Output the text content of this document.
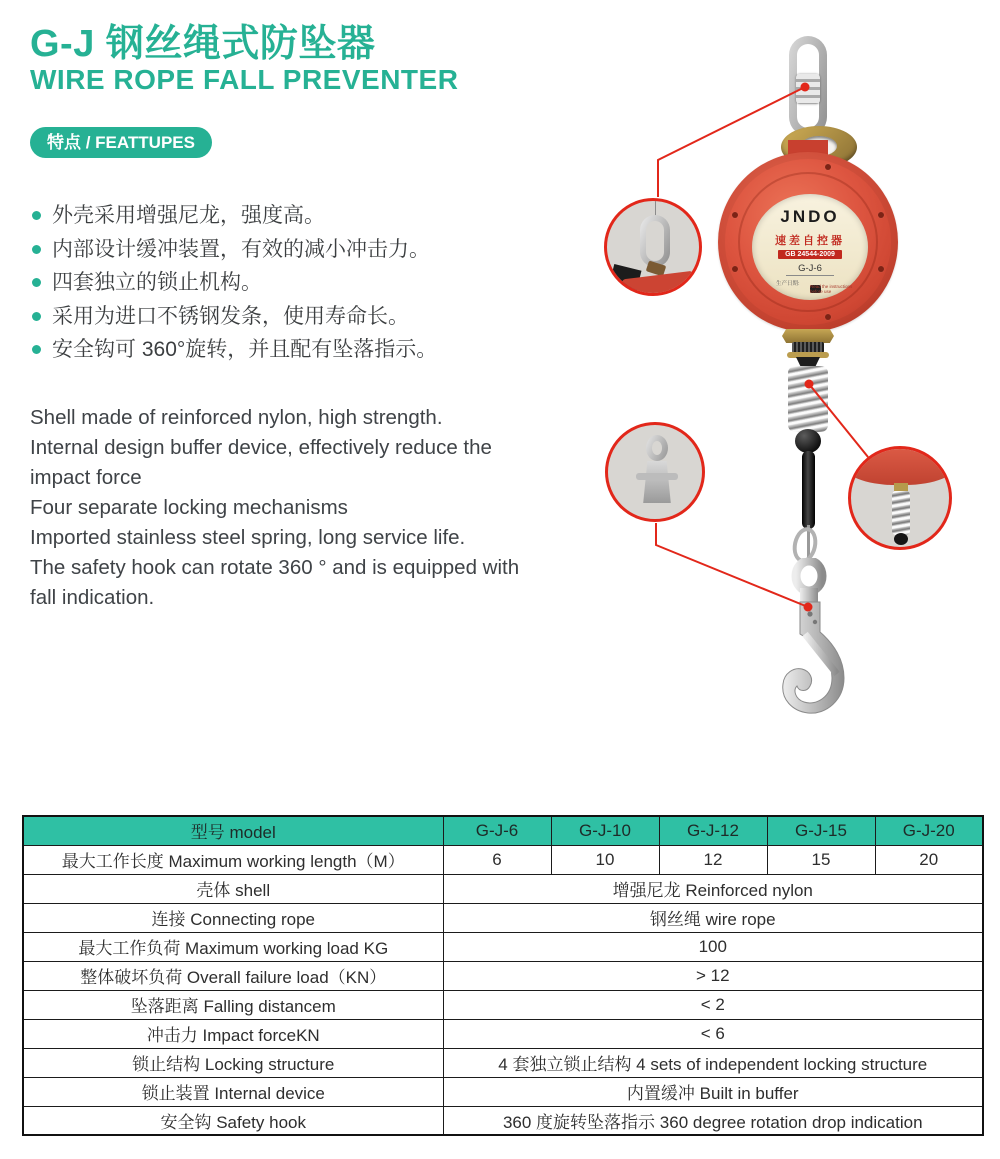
G-J 钢丝绳式防坠器
WIRE ROPE FALL PREVENTER
特点 / FEATTUPES
外壳采用增强尼龙，强度高。
内部设计缓冲装置，有效的减小冲击力。
四套独立的锁止机构。
采用为进口不锈钢发条，使用寿命长。
安全钩可 360°旋转，并且配有坠落指示。

Shell made of reinforced nylon, high strength.

Internal design buffer device, effectively reduce the impact force

Four separate locking mechanisms

Imported stainless steel spring, long service life.

The safety hook can rotate 360 ° and is equipped with fall indication.

JNDO
速差自控器
GB 24544-2009
G-J-6
生产日期: Read the instructions before use
型号 model	G-J-6	G-J-10	G-J-12	G-J-15	G-J-20
最大工作长度 Maximum working length（M）	6	10	12	15	20
壳体 shell	增强尼龙 Reinforced nylon				
连接 Connecting rope	钢丝绳 wire rope				
最大工作负荷 Maximum working load KG	100				
整体破坏负荷 Overall failure load（KN）	> 12				
坠落距离 Falling distancem	< 2				
冲击力 Impact forceKN	< 6				
锁止结构 Locking structure	4 套独立锁止结构 4 sets of independent locking structure				
锁止装置 Internal device	内置缓冲 Built in buffer				
安全钩 Safety hook	360 度旋转坠落指示 360 degree rotation drop indication				
